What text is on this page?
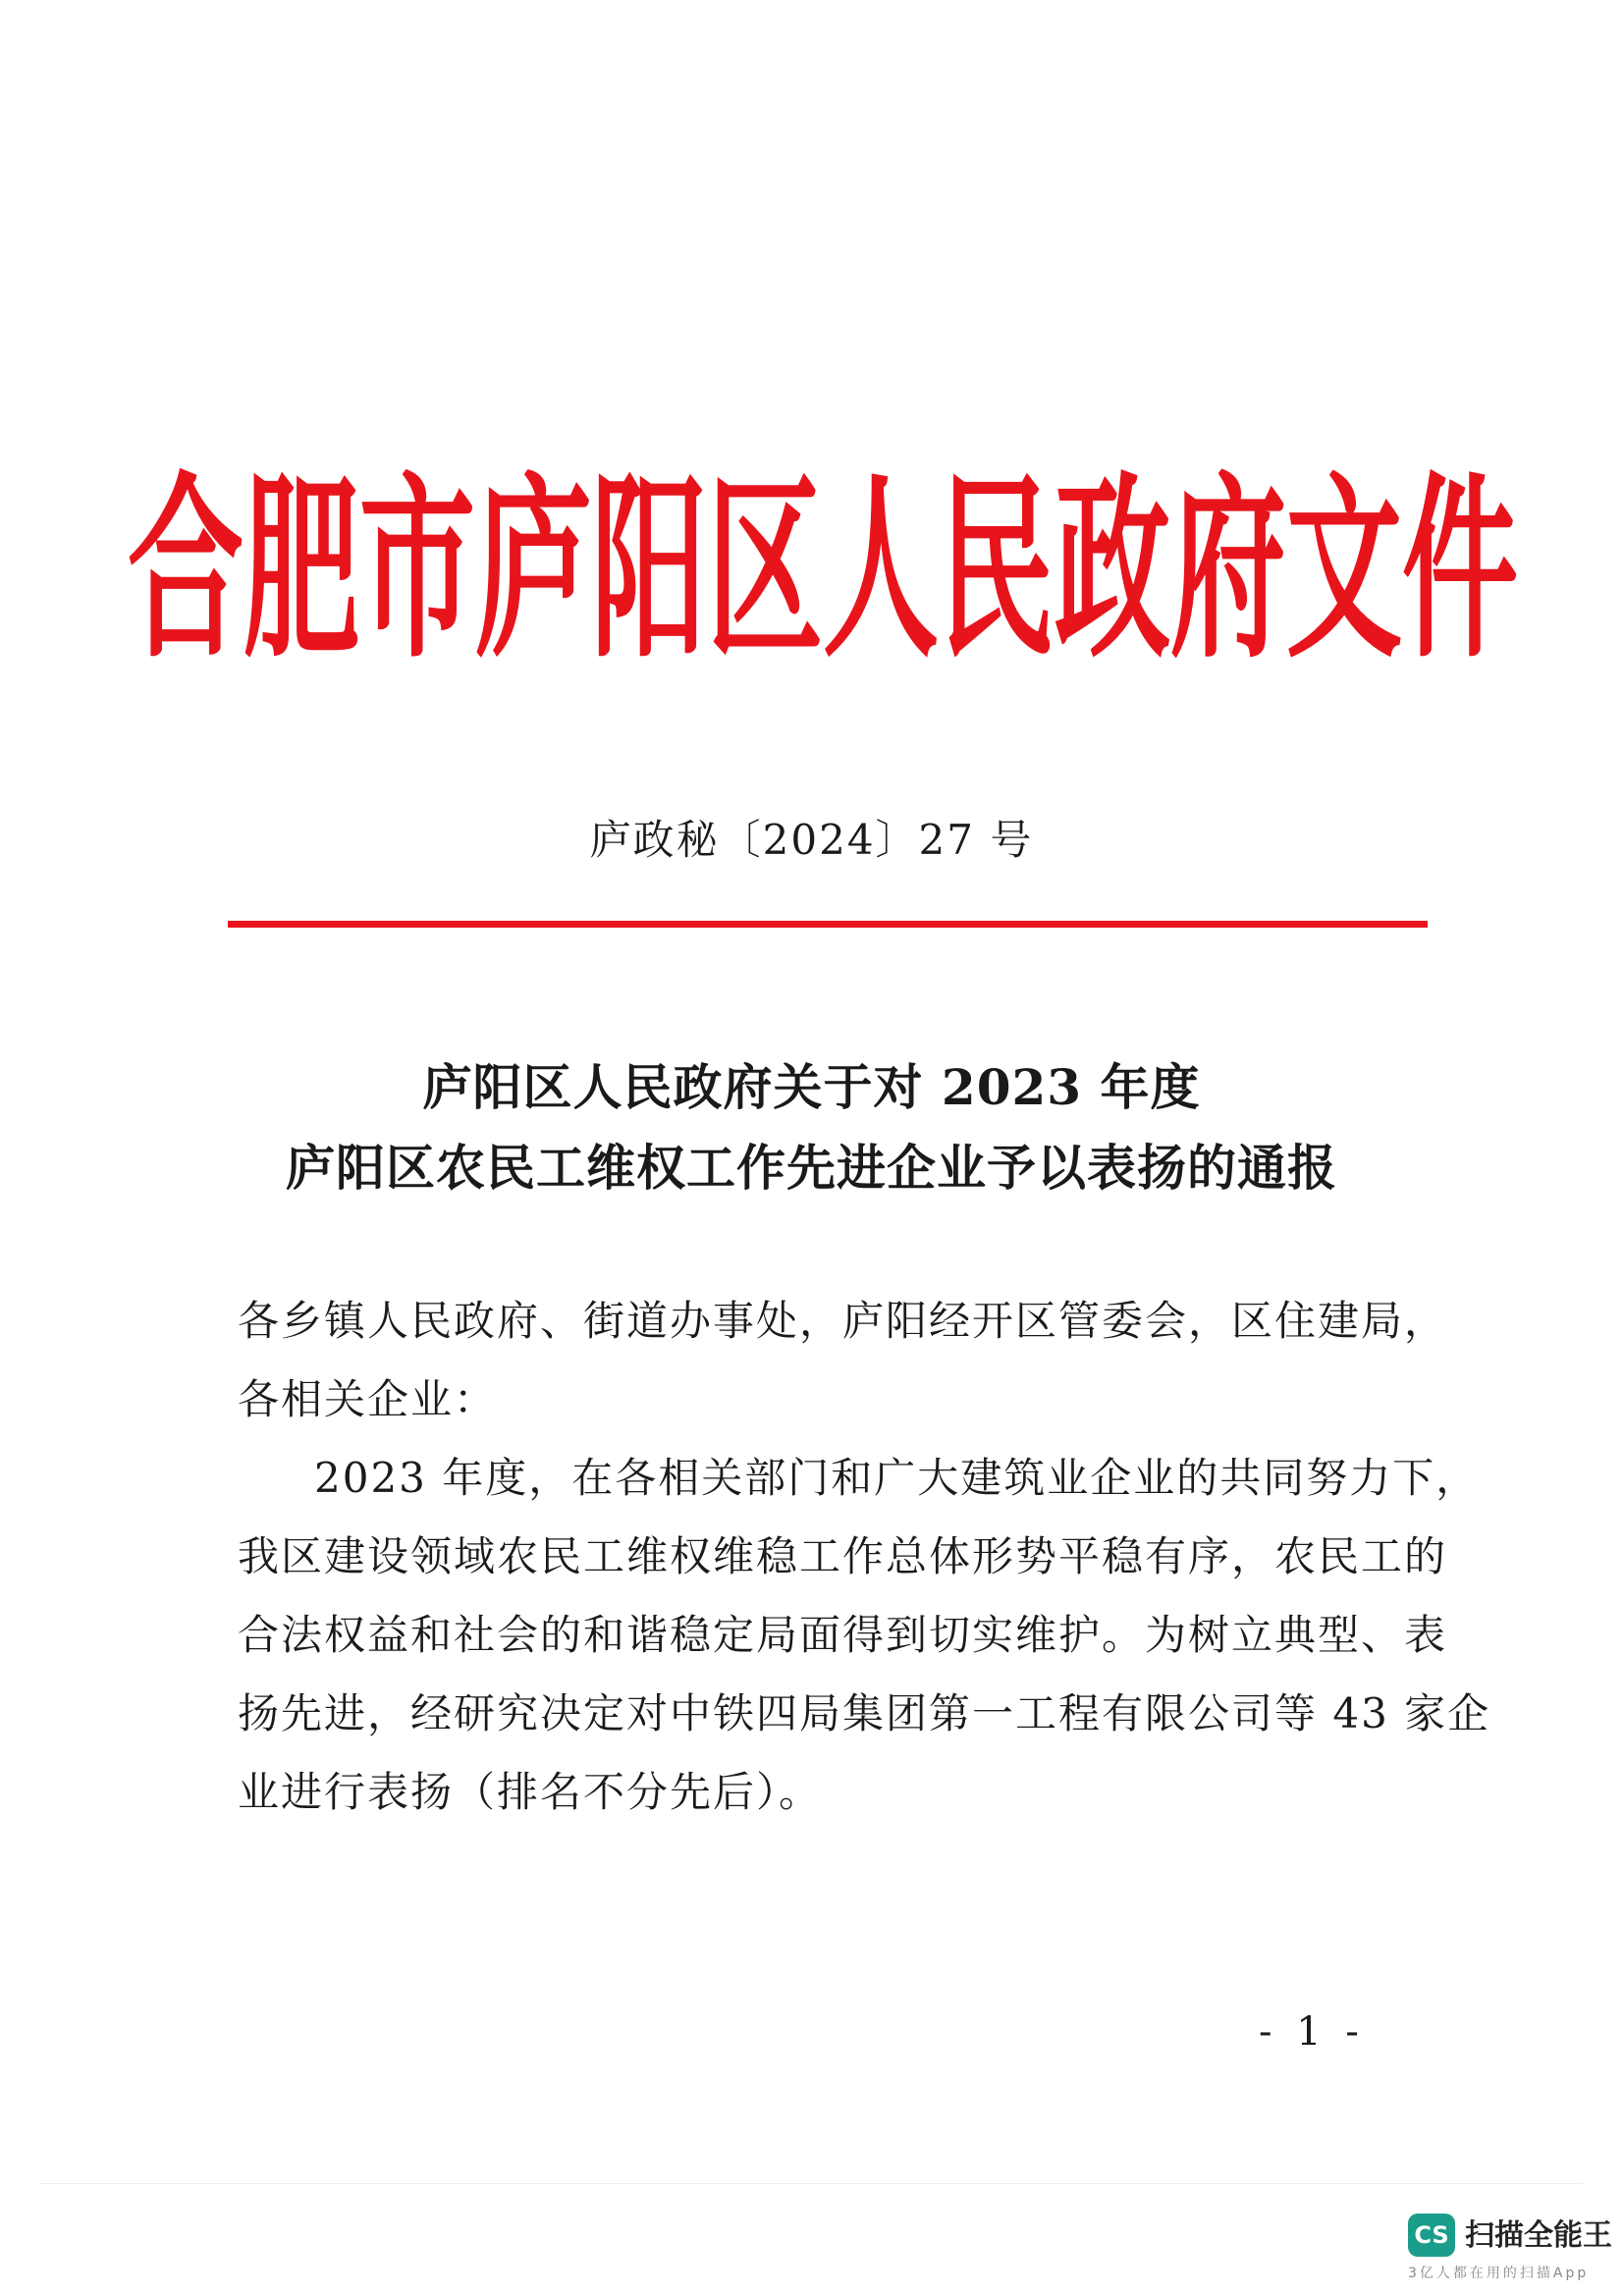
合肥市庐阳区人民政府文件
庐政秘〔2024〕27 号
庐阳区人民政府关于对 2023 年度
庐阳区农民工维权工作先进企业予以表扬的通报
各乡镇人民政府、街道办事处，庐阳经开区管委会，区住建局，
各相关企业：
2023 年度，在各相关部门和广大建筑业企业的共同努力下，
我区建设领域农民工维权维稳工作总体形势平稳有序，农民工的
合法权益和社会的和谐稳定局面得到切实维护。为树立典型、表
扬先进，经研究决定对中铁四局集团第一工程有限公司等 43 家企
业进行表扬（排名不分先后）。
- 1 -
CS 扫描全能王
3亿人都在用的扫描App
